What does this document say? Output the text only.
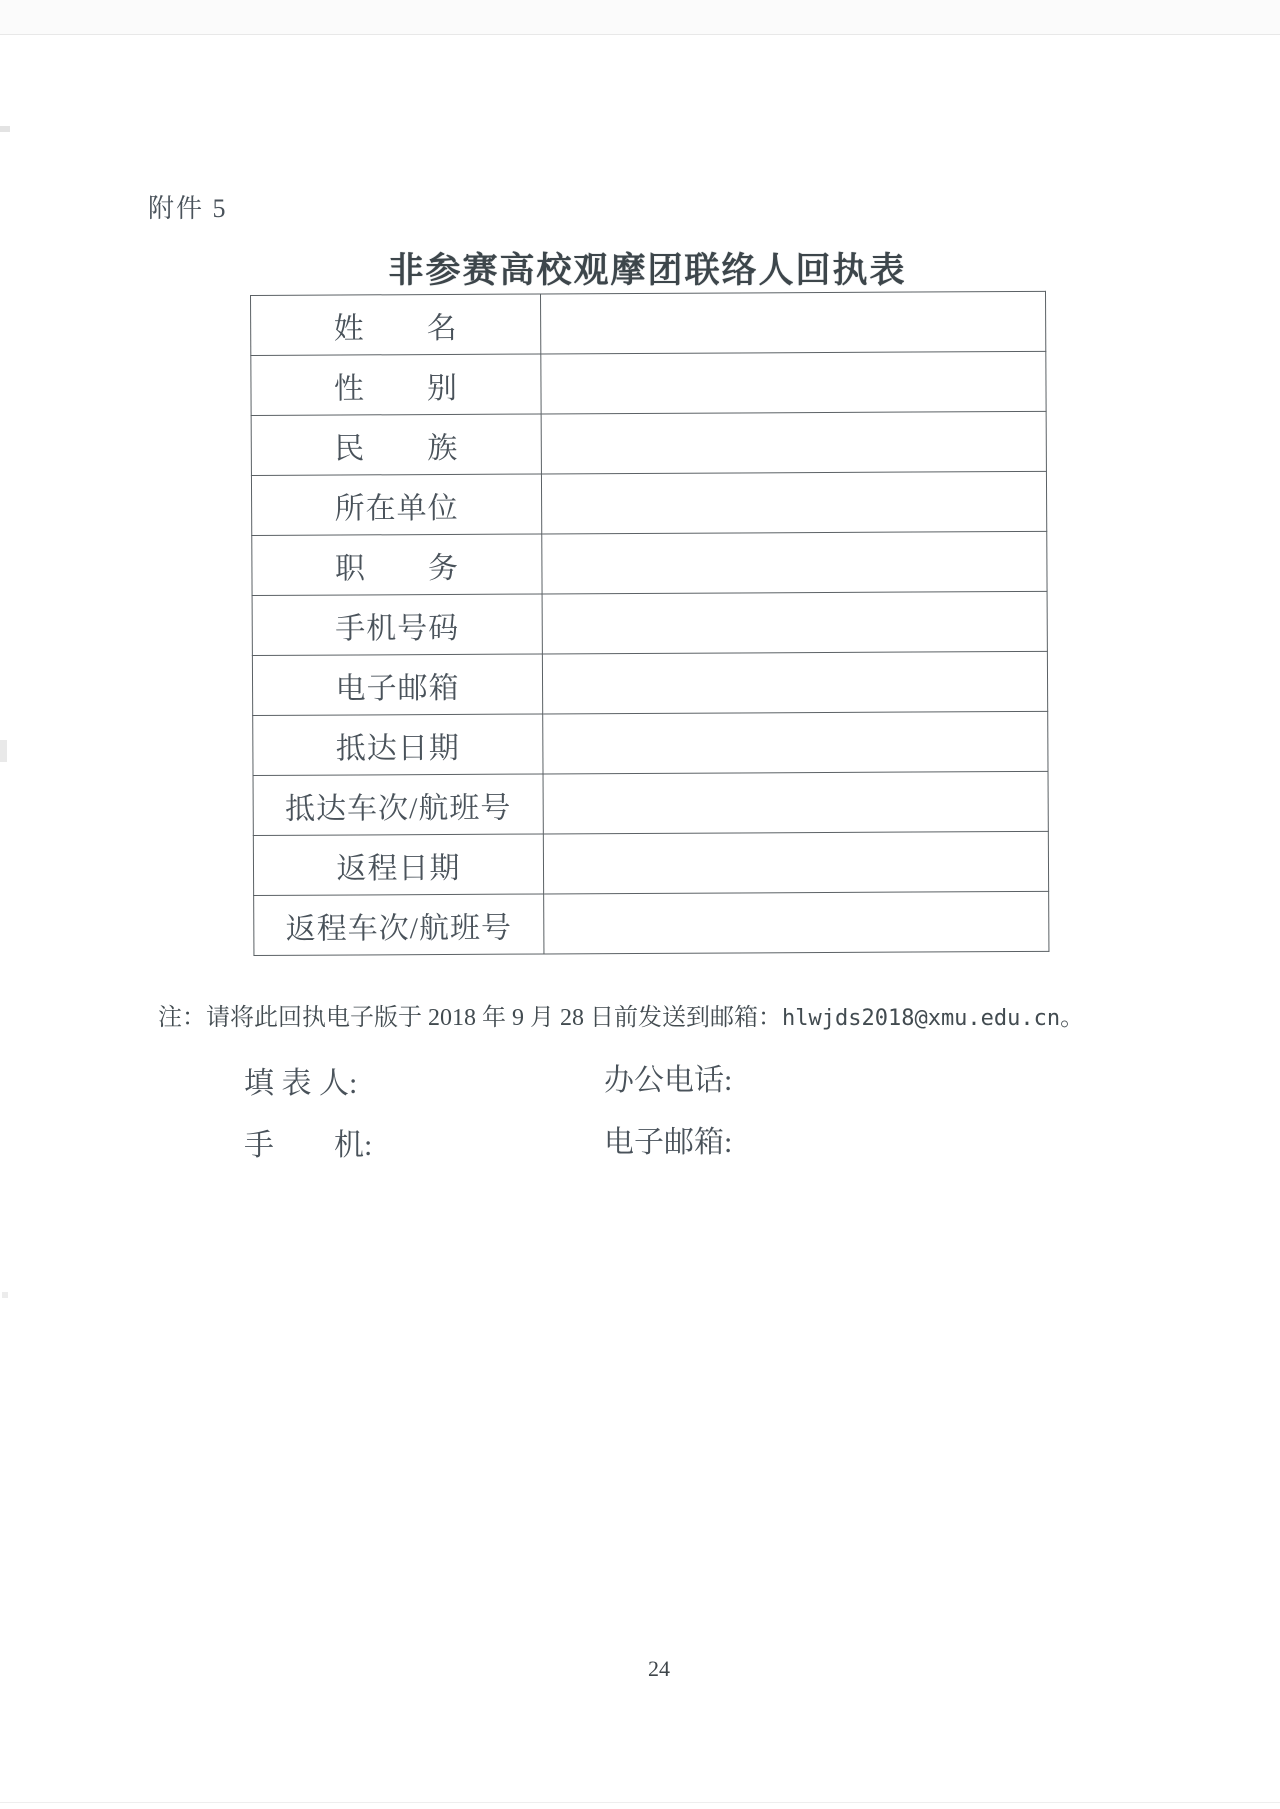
附件 5
非参赛高校观摩团联络人回执表
姓　　名	
性　　别	
民　　族	
所在单位	
职　　务	
手机号码	
电子邮箱	
抵达日期	
抵达车次/航班号	
返程日期	
返程车次/航班号	
注：请将此回执电子版于 2018 年 9 月 28 日前发送到邮箱：hlwjds2018@xmu.edu.cn。
填 表 人:	办公电话:
手　　机:	电子邮箱:
24
